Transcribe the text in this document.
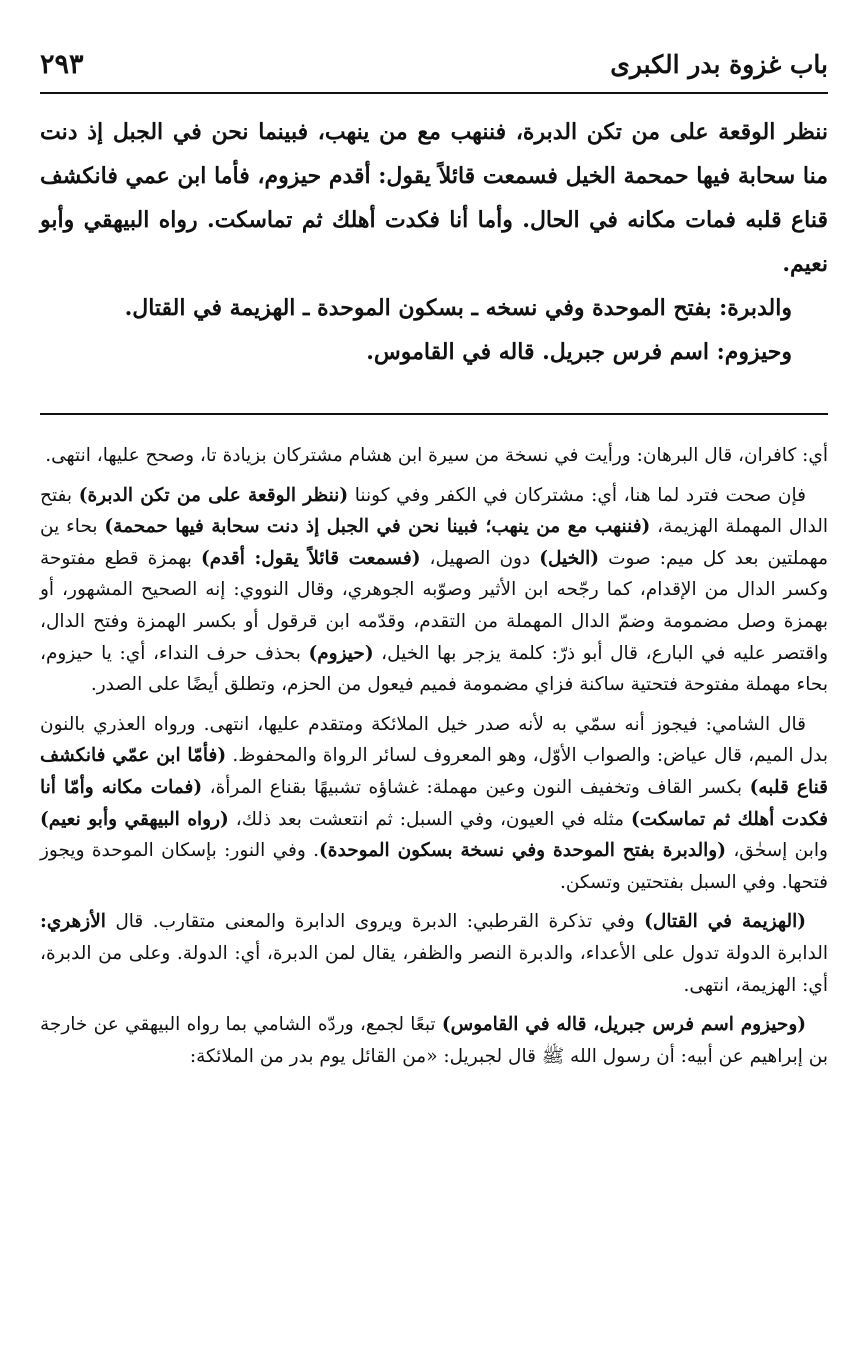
باب غزوة بدر الكبرى
٢٩٣

ننظر الوقعة على من تكن الدبرة، فننهب مع من ينهب، فبينما نحن في الجبل إذ دنت منا سحابة فيها حمحمة الخيل فسمعت قائلاً يقول: أقدم حيزوم، فأما ابن عمي فانكشف قناع قلبه فمات مكانه في الحال. وأما أنا فكدت أهلك ثم تماسكت. رواه البيهقي وأبو نعيم.

والدبرة: بفتح الموحدة وفي نسخه ـ بسكون الموحدة ـ الهزيمة في القتال.

وحيزوم: اسم فرس جبريل. قاله في القاموس.

أي: كافران، قال البرهان: ورأيت في نسخة من سيرة ابن هشام مشتركان بزيادة تا، وصحح عليها، انتهى.

فإن صحت فترد لما هنا، أي: مشتركان في الكفر وفي كوننا (ننظر الوقعة على من تكن الدبرة) بفتح الدال المهملة الهزيمة، (فننهب مع من ينهب؛ فبينا نحن في الجبل إذ دنت سحابة فيها حمحمة) بحاء ين مهملتين بعد كل ميم: صوت (الخيل) دون الصهيل، (فسمعت قائلاً يقول: أقدم) بهمزة قطع مفتوحة وكسر الدال من الإقدام، كما رجّحه ابن الأثير وصوّبه الجوهري، وقال النووي: إنه الصحيح المشهور، أو بهمزة وصل مضمومة وضمّ الدال المهملة من التقدم، وقدّمه ابن قرقول أو بكسر الهمزة وفتح الدال، واقتصر عليه في البارع، قال أبو ذرّ: كلمة يزجر بها الخيل، (حيزوم) بحذف حرف النداء، أي: يا حيزوم، بحاء مهملة مفتوحة فتحتية ساكنة فزاي مضمومة فميم فيعول من الحزم، وتطلق أيضًا على الصدر.

قال الشامي: فيجوز أنه سمّي به لأنه صدر خيل الملائكة ومتقدم عليها، انتهى. ورواه العذري بالنون بدل الميم، قال عياض: والصواب الأوّل، وهو المعروف لسائر الرواة والمحفوظ. (فأمّا ابن عمّي فانكشف قناع قلبه) بكسر القاف وتخفيف النون وعين مهملة: غشاؤه تشبيهًا بقناع المرأة، (فمات مكانه وأمّا أنا فكدت أهلك ثم تماسكت) مثله في العيون، وفي السبل: ثم انتعشت بعد ذلك، (رواه البيهقي وأبو نعيم) وابن إسحٰق، (والدبرة بفتح الموحدة وفي نسخة بسكون الموحدة). وفي النور: بإسكان الموحدة ويجوز فتحها. وفي السبل بفتحتين وتسكن.

(الهزيمة في القتال) وفي تذكرة القرطبي: الدبرة ويروى الدابرة والمعنى متقارب. قال الأزهري: الدابرة الدولة تدول على الأعداء، والدبرة النصر والظفر، يقال لمن الدبرة، أي: الدولة. وعلى من الدبرة، أي: الهزيمة، انتهى.

(وحيزوم اسم فرس جبريل، قاله في القاموس) تبعًا لجمع، وردّه الشامي بما رواه البيهقي عن خارجة بن إبراهيم عن أبيه: أن رسول الله ﷺ قال لجبريل: «من القائل يوم بدر من الملائكة:
